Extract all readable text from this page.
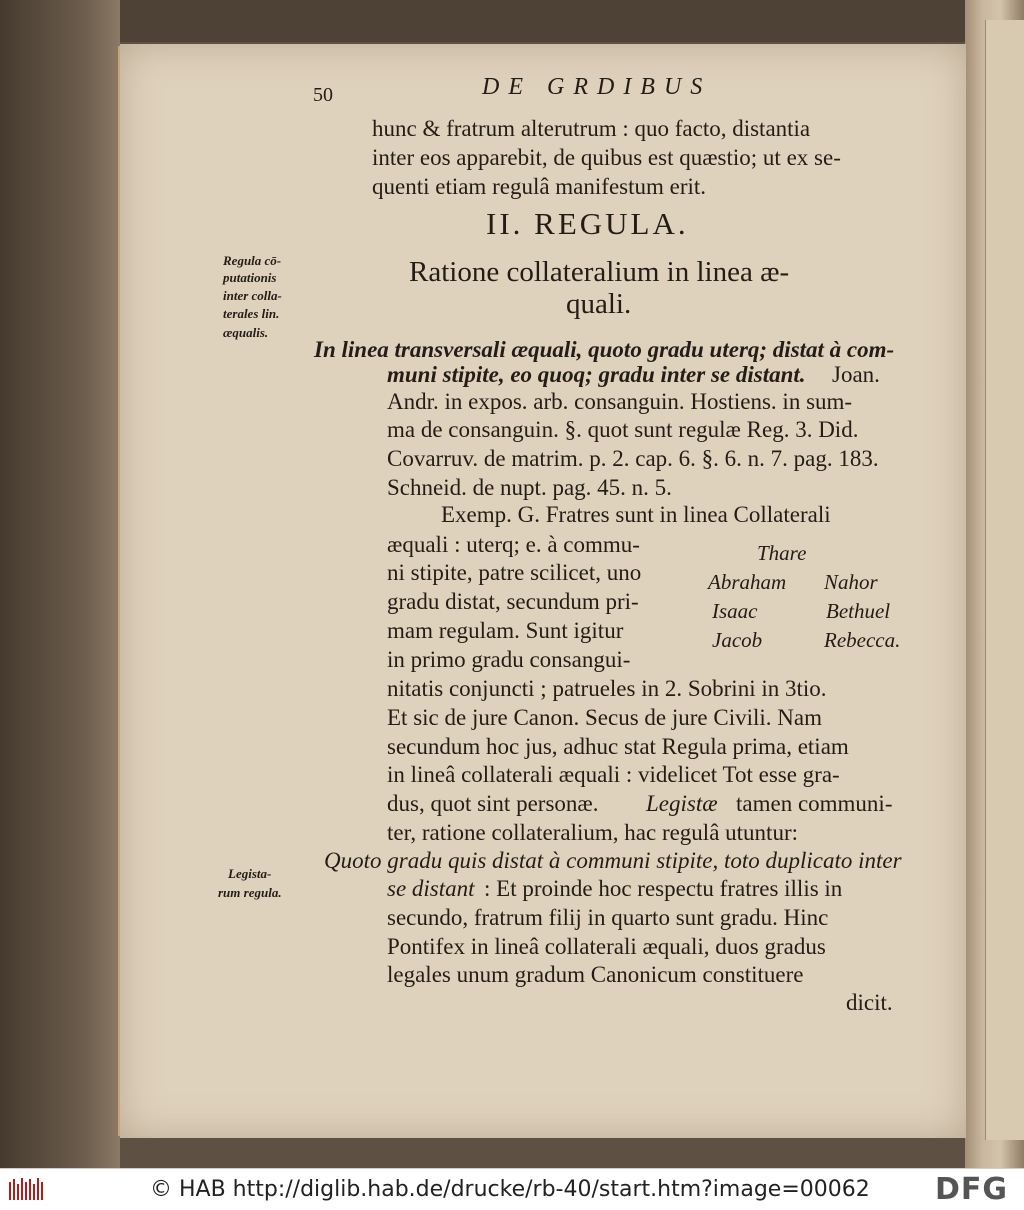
50	DE GRDIBUS
hunc & fratrum alterutrum : quo facto, distantia
inter eos apparebit, de quibus est quæstio; ut ex se-
quenti etiam regulâ manifestum erit.
II. REGULA.
Ratione collateralium in linea æ-
quali.
Regula cō-
putationis
inter colla-
terales lin.
æqualis.
In linea transversali æquali, quoto gradu uterq; distat à com-
muni stipite, eo quoq; gradu inter se distant. Joan.
Andr. in expos. arb. consanguin. Hostiens. in sum-
ma de consanguin. §. quot sunt regulæ Reg. 3. Did.
Covarruv. de matrim. p. 2. cap. 6. §. 6. n. 7. pag. 183.
Schneid. de nupt. pag. 45. n. 5.
Exemp. G. Fratres sunt in linea Collaterali
æquali : uterq; e. à commu-
ni stipite, patre scilicet, uno
gradu distat, secundum pri-
mam regulam. Sunt igitur
in primo gradu consangui-
Thare
Abraham Nahor
Isaac	Bethuel
Jacob	Rebecca.
nitatis conjuncti ; patrueles in 2. Sobrini in 3tio.
Et sic de jure Canon. Secus de jure Civili. Nam
secundum hoc jus, adhuc stat Regula prima, etiam
in lineâ collaterali æquali : videlicet Tot esse gra-
dus, quot sint personæ. Legistæ tamen communi-
ter, ratione collateralium, hac regulâ utuntur:
Legista-
rum regula.
Quoto gradu quis distat à communi stipite, toto duplicato inter
se distant : Et proinde hoc respectu fratres illis in
secundo, fratrum filij in quarto sunt gradu. Hinc
Pontifex in lineâ collaterali æquali, duos gradus
legales unum gradum Canonicum constituere
dicit.
© HAB http://diglib.hab.de/drucke/rb-40/start.htm?image=00062 DFG
